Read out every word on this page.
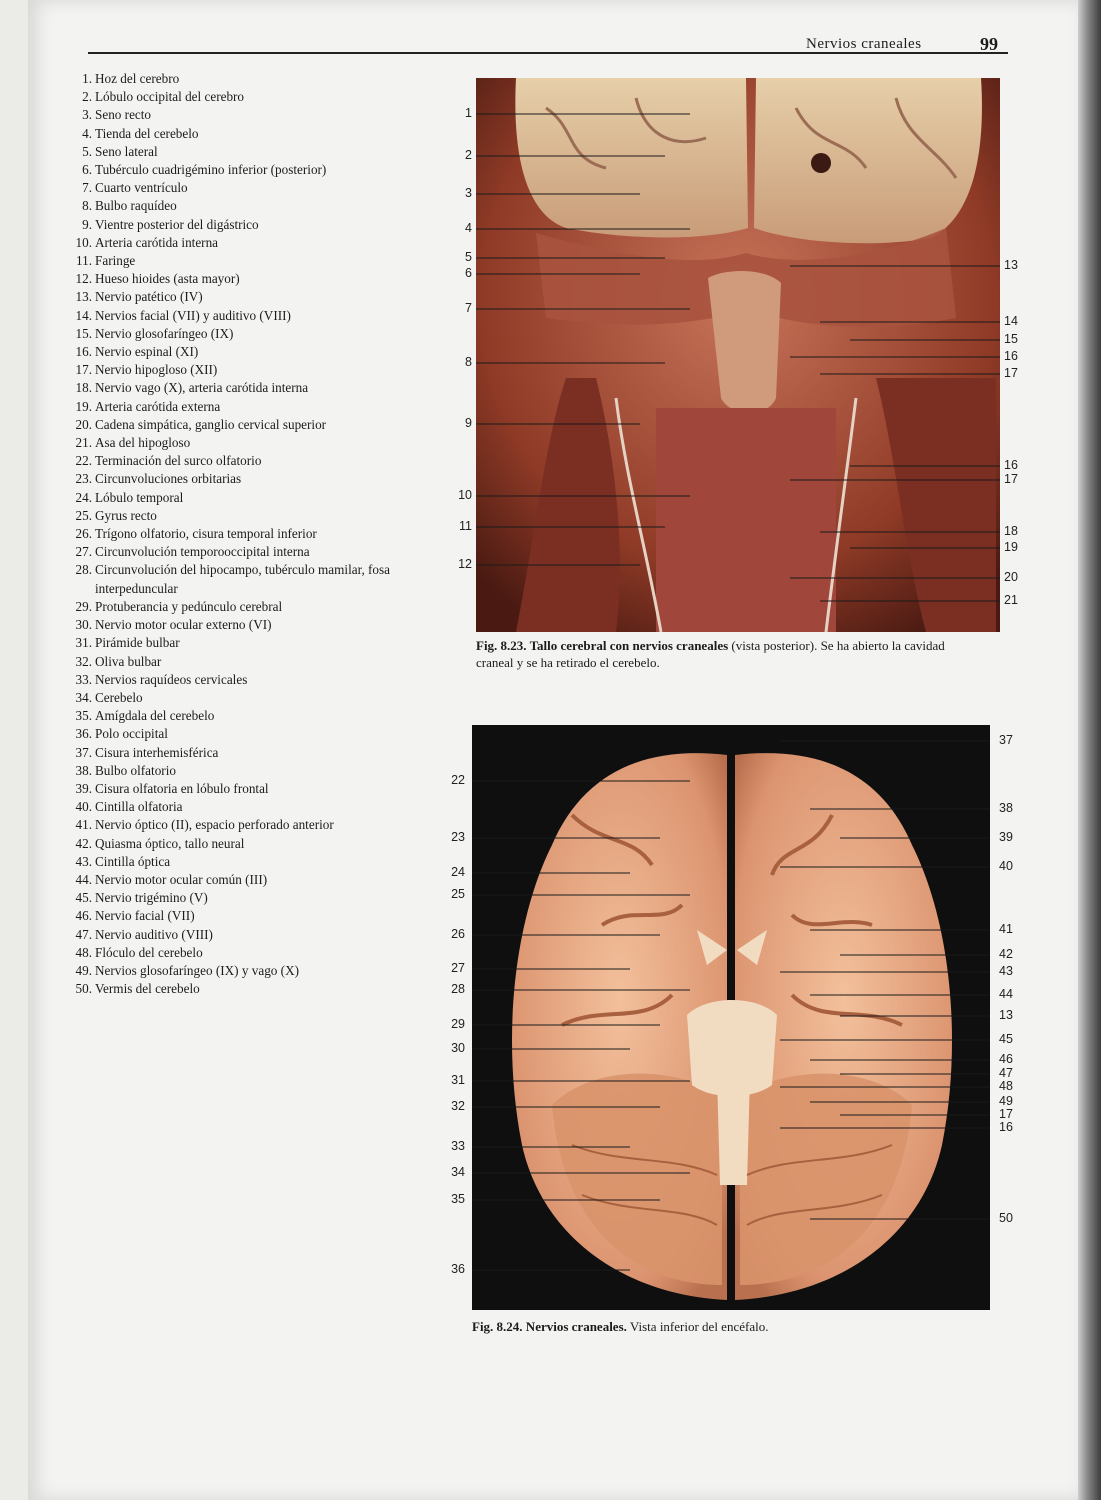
Nervios craneales	99
1. Hoz del cerebro
2. Lóbulo occipital del cerebro
3. Seno recto
4. Tienda del cerebelo
5. Seno lateral
6. Tubérculo cuadrigémino inferior (posterior)
7. Cuarto ventrículo
8. Bulbo raquídeo
9. Vientre posterior del digástrico
10. Arteria carótida interna
11. Faringe
12. Hueso hioides (asta mayor)
13. Nervio patético (IV)
14. Nervios facial (VII) y auditivo (VIII)
15. Nervio glosofaríngeo (IX)
16. Nervio espinal (XI)
17. Nervio hipogloso (XII)
18. Nervio vago (X), arteria carótida interna
19. Arteria carótida externa
20. Cadena simpática, ganglio cervical superior
21. Asa del hipogloso
22. Terminación del surco olfatorio
23. Circunvoluciones orbitarias
24. Lóbulo temporal
25. Gyrus recto
26. Trígono olfatorio, cisura temporal inferior
27. Circunvolución temporooccipital interna
28. Circunvolución del hipocampo, tubérculo mamilar, fosa interpeduncular
29. Protuberancia y pedúnculo cerebral
30. Nervio motor ocular externo (VI)
31. Pirámide bulbar
32. Oliva bulbar
33. Nervios raquídeos cervicales
34. Cerebelo
35. Amígdala del cerebelo
36. Polo occipital
37. Cisura interhemisférica
38. Bulbo olfatorio
39. Cisura olfatoria en lóbulo frontal
40. Cintilla olfatoria
41. Nervio óptico (II), espacio perforado anterior
42. Quiasma óptico, tallo neural
43. Cintilla óptica
44. Nervio motor ocular común (III)
45. Nervio trigémino (V)
46. Nervio facial (VII)
47. Nervio auditivo (VIII)
48. Flóculo del cerebelo
49. Nervios glosofaríngeo (IX) y vago (X)
50. Vermis del cerebelo
1
2
3
4
5
6
7
8
9
10
11
12
13
14
15
16
17
16
17
18
19
20
21
22
23
24
25
26
27
28
29
30
31
32
33
34
35
36
37
38
39
40
41
42
43
44
13
45
46
47
48
49
17
16
50
Fig. 8.23. Tallo cerebral con nervios craneales (vista posterior). Se ha abierto la cavidad craneal y se ha retirado el cerebelo.
Fig. 8.24. Nervios craneales. Vista inferior del encéfalo.
